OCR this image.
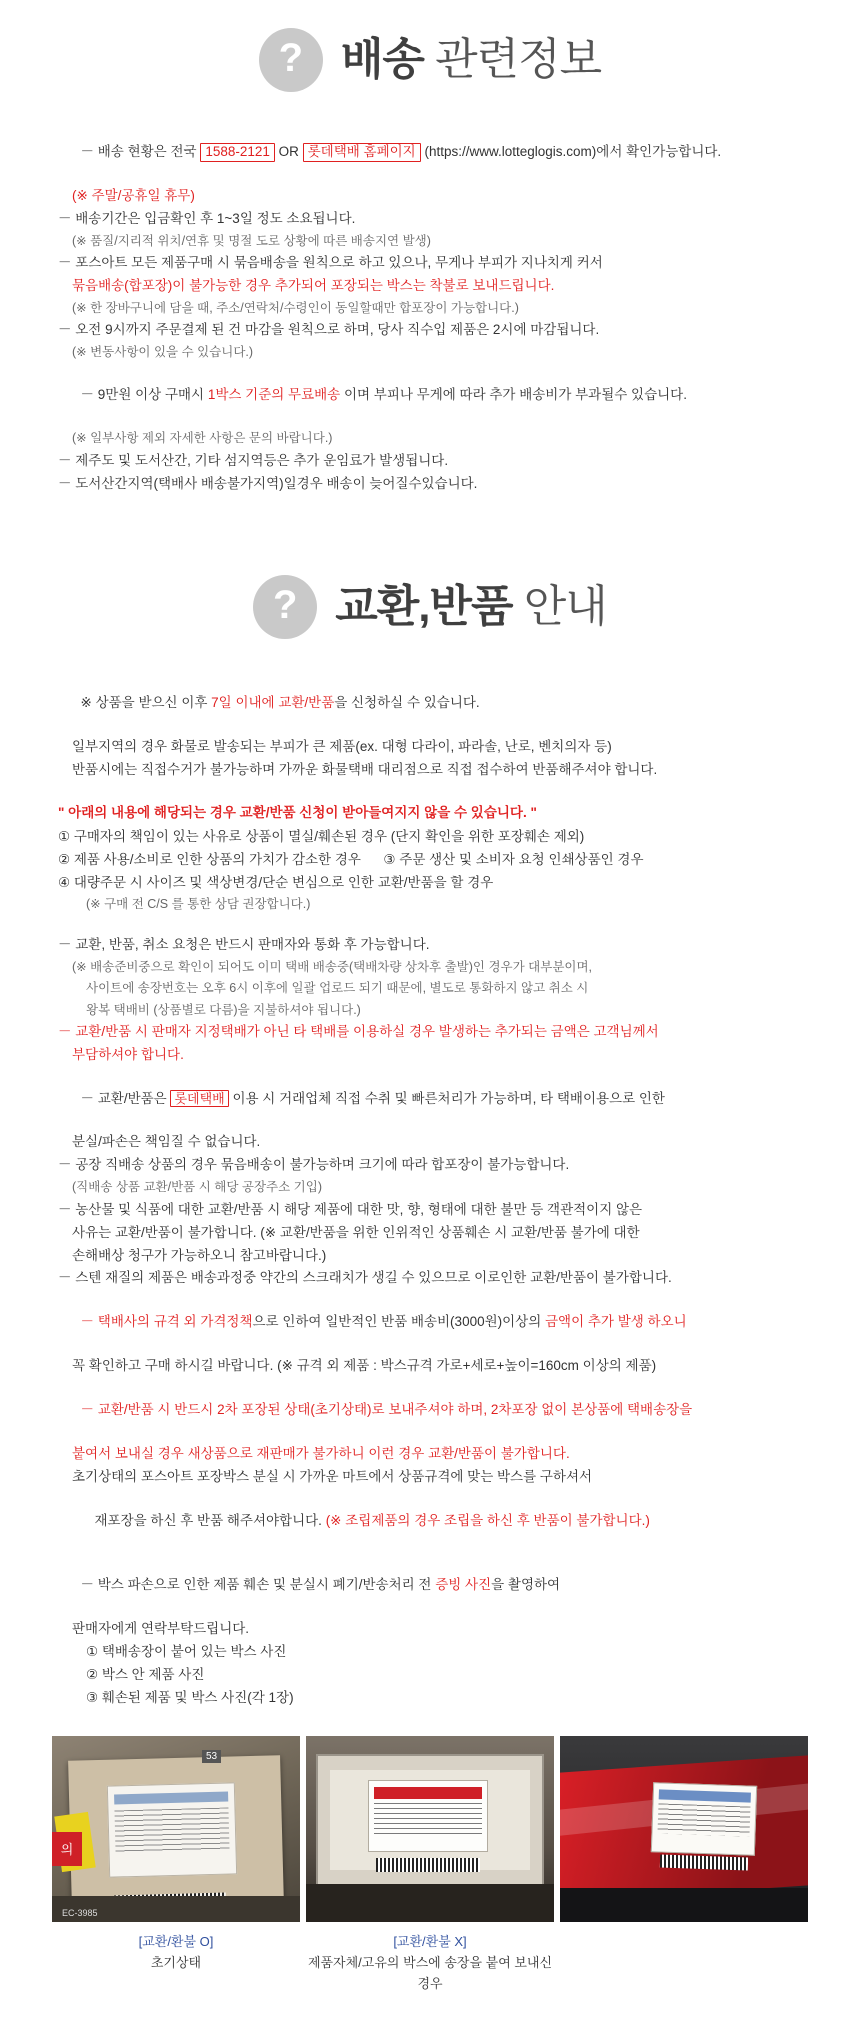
? 배송 관련정보

－ 배송 현황은 전국 1588-2121 OR 롯데택배 홈페이지 (https://www.lotteglogis.com)에서 확인가능합니다.

(※ 주말/공휴일 휴무)
－ 배송기간은 입금확인 후 1~3일 정도 소요됩니다.
(※ 품질/지리적 위치/연휴 및 명절 도로 상황에 따른 배송지연 발생)
－ 포스아트 모든 제품구매 시 묶음배송을 원칙으로 하고 있으나, 무게나 부피가 지나치게 커서
묶음배송(합포장)이 불가능한 경우 추가되어 포장되는 박스는 착불로 보내드립니다.
(※ 한 장바구니에 담을 때, 주소/연락처/수령인이 동일할때만 합포장이 가능합니다.)
－ 오전 9시까지 주문결제 된 건 마감을 원칙으로 하며, 당사 직수입 제품은 2시에 마감됩니다.
(※ 변동사항이 있을 수 있습니다.)

－ 9만원 이상 구매시 1박스 기준의 무료배송 이며 부피나 무게에 따라 추가 배송비가 부과될수 있습니다.

(※ 일부사항 제외 자세한 사항은 문의 바랍니다.)
－ 제주도 및 도서산간, 기타 섬지역등은 추가 운임료가 발생됩니다.
－ 도서산간지역(택배사 배송불가지역)일경우 배송이 늦어질수있습니다.
? 교환,반품 안내

※ 상품을 받으신 이후 7일 이내에 교환/반품을 신청하실 수 있습니다.

일부지역의 경우 화물로 발송되는 부피가 큰 제품(ex. 대형 다라이, 파라솔, 난로, 벤치의자 등)
반품시에는 직접수거가 불가능하며 가까운 화물택배 대리점으로 직접 접수하여 반품해주셔야 합니다.
" 아래의 내용에 해당되는 경우 교환/반품 신청이 받아들여지지 않을 수 있습니다. "
① 구매자의 책임이 있는 사유로 상품이 멸실/훼손된 경우 (단지 확인을 위한 포장훼손 제외)
② 제품 사용/소비로 인한 상품의 가치가 감소한 경우      ③ 주문 생산 및 소비자 요청 인쇄상품인 경우
④ 대량주문 시 사이즈 및 색상변경/단순 변심으로 인한 교환/반품을 할 경우
(※ 구매 전 C/S 를 통한 상담 권장합니다.)
－ 교환, 반품, 취소 요청은 반드시 판매자와 통화 후 가능합니다.
(※ 배송준비중으로 확인이 되어도 이미 택배 배송중(택배차량 상차후 출발)인 경우가 대부분이며,
사이트에 송장번호는 오후 6시 이후에 일괄 업로드 되기 때문에, 별도로 통화하지 않고 취소 시
왕복 택배비 (상품별로 다름)을 지불하셔야 됩니다.)
－ 교환/반품 시 판매자 지정택배가 아닌 타 택배를 이용하실 경우 발생하는 추가되는 금액은 고객님께서
부담하셔야 합니다.

－ 교환/반품은 롯데택배 이용 시 거래업체 직접 수취 및 빠른처리가 가능하며, 타 택배이용으로 인한

분실/파손은 책임질 수 없습니다.
－ 공장 직배송 상품의 경우 묶음배송이 불가능하며 크기에 따라 합포장이 불가능합니다.
(직배송 상품 교환/반품 시 해당 공장주소 기입)
－ 농산물 및 식품에 대한 교환/반품 시 해당 제품에 대한 맛, 향, 형태에 대한 불만 등 객관적이지 않은
사유는 교환/반품이 불가합니다. (※ 교환/반품을 위한 인위적인 상품훼손 시 교환/반품 불가에 대한
손해배상 청구가 가능하오니 참고바랍니다.)
－ 스텐 재질의 제품은 배송과정중 약간의 스크래치가 생길 수 있으므로 이로인한 교환/반품이 불가합니다.

－ 택배사의 규격 외 가격정책으로 인하여 일반적인 반품 배송비(3000원)이상의 금액이 추가 발생 하오니

꼭 확인하고 구매 하시길 바랍니다. (※ 규격 외 제품 : 박스규격 가로+세로+높이=160cm 이상의 제품)

－ 교환/반품 시 반드시 2차 포장된 상태(초기상태)로 보내주셔야 하며, 2차포장 없이 본상품에 택배송장을

붙여서 보내실 경우 새상품으로 재판매가 불가하니 이런 경우 교환/반품이 불가합니다.
초기상태의 포스아트 포장박스 분실 시 가까운 마트에서 상품규격에 맞는 박스를 구하셔서

재포장을 하신 후 반품 해주셔야합니다. (※ 조립제품의 경우 조립을 하신 후 반품이 불가합니다.)

－ 박스 파손으로 인한 제품 훼손 및 분실시 폐기/반송처리 전 증빙 사진을 촬영하여

판매자에게 연락부탁드립니다.
① 택배송장이 붙어 있는 박스 사진
② 박스 안 제품 사진
③ 훼손된 제품 및 박스 사진(각 1장)
의
53
EC-3985
[교환/환불 O]
초기상태
[교환/환불 X]
제품자체/고유의 박스에 송장을 붙여 보내신 경우
